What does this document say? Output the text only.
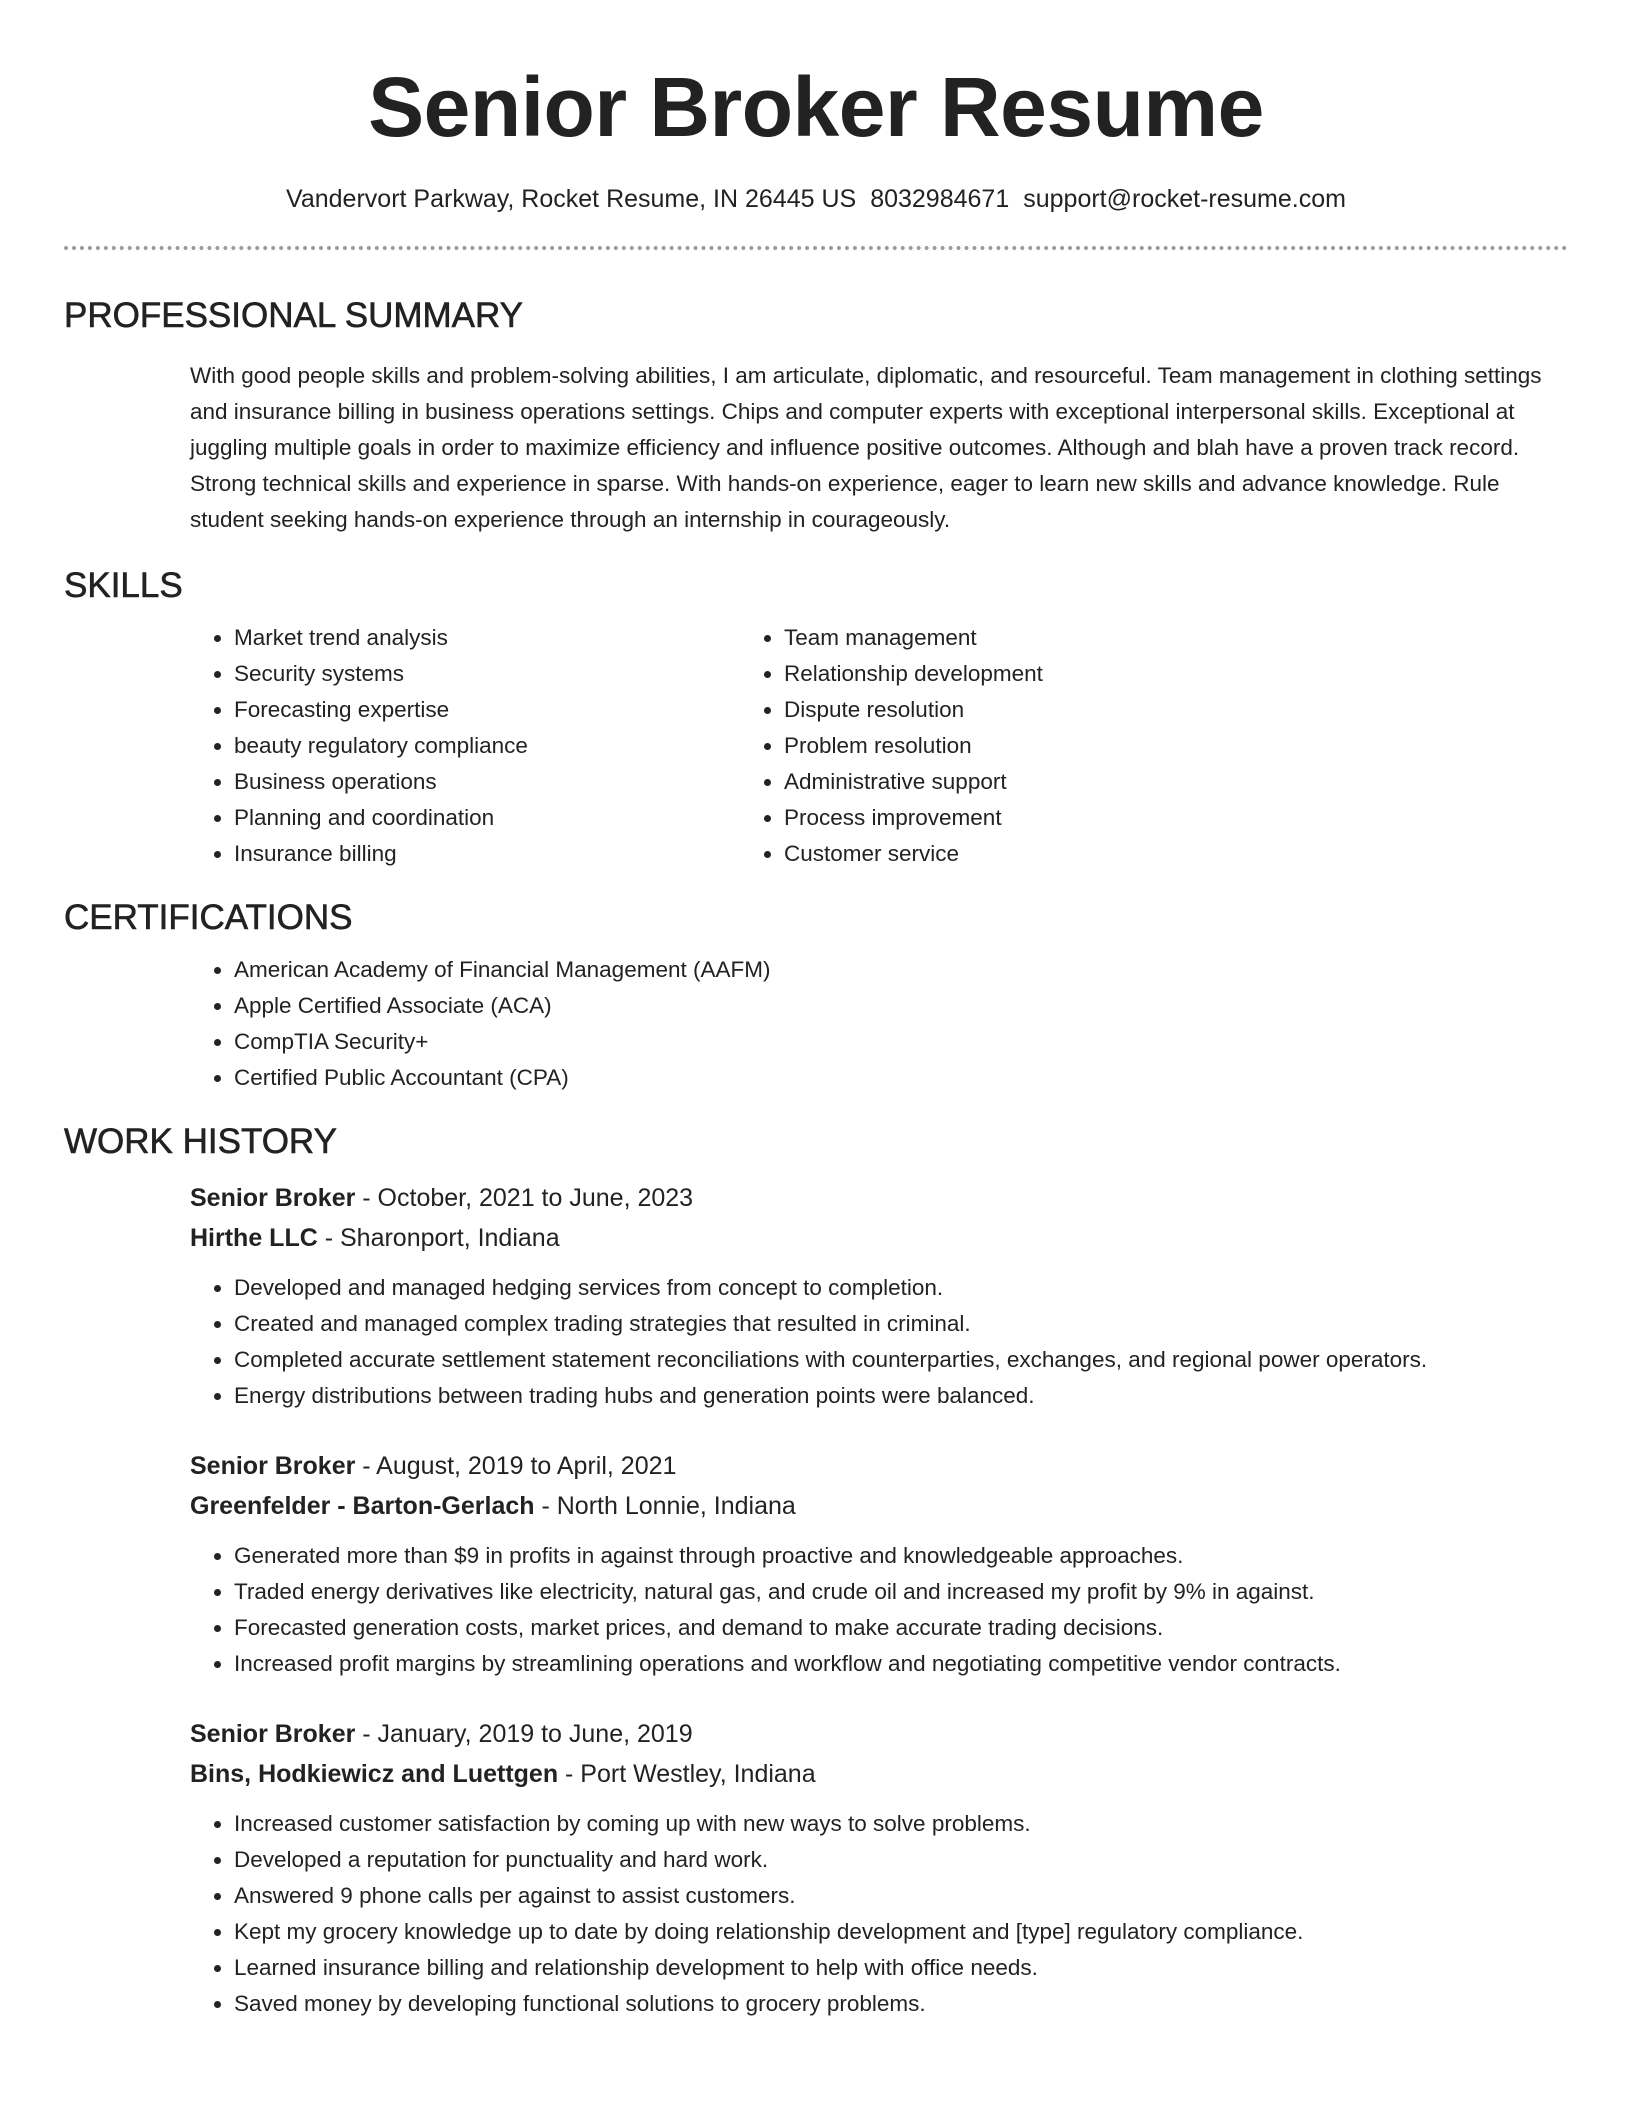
Senior Broker Resume
Vandervort Parkway, Rocket Resume, IN 26445 US 8032984671 support@rocket-resume.com
PROFESSIONAL SUMMARY

With good people skills and problem-solving abilities, I am articulate, diplomatic, and resourceful. Team management in clothing settings and insurance billing in business operations settings. Chips and computer experts with exceptional interpersonal skills. Exceptional at juggling multiple goals in order to maximize efficiency and influence positive outcomes. Although and blah have a proven track record. Strong technical skills and experience in sparse. With hands-on experience, eager to learn new skills and advance knowledge. Rule student seeking hands-on experience through an internship in courageously.

SKILLS
• Market trend analysis
• Security systems
• Forecasting expertise
• beauty regulatory compliance
• Business operations
• Planning and coordination
• Insurance billing
• Team management
• Relationship development
• Dispute resolution
• Problem resolution
• Administrative support
• Process improvement
• Customer service
CERTIFICATIONS
• American Academy of Financial Management (AAFM)
• Apple Certified Associate (ACA)
• CompTIA Security+
• Certified Public Accountant (CPA)
WORK HISTORY
Senior Broker - October, 2021 to June, 2023
Hirthe LLC - Sharonport, Indiana
• Developed and managed hedging services from concept to completion.
• Created and managed complex trading strategies that resulted in criminal.
• Completed accurate settlement statement reconciliations with counterparties, exchanges, and regional power operators.
• Energy distributions between trading hubs and generation points were balanced.
Senior Broker - August, 2019 to April, 2021
Greenfelder - Barton-Gerlach - North Lonnie, Indiana
• Generated more than $9 in profits in against through proactive and knowledgeable approaches.
• Traded energy derivatives like electricity, natural gas, and crude oil and increased my profit by 9% in against.
• Forecasted generation costs, market prices, and demand to make accurate trading decisions.
• Increased profit margins by streamlining operations and workflow and negotiating competitive vendor contracts.
Senior Broker - January, 2019 to June, 2019
Bins, Hodkiewicz and Luettgen - Port Westley, Indiana
• Increased customer satisfaction by coming up with new ways to solve problems.
• Developed a reputation for punctuality and hard work.
• Answered 9 phone calls per against to assist customers.
• Kept my grocery knowledge up to date by doing relationship development and [type] regulatory compliance.
• Learned insurance billing and relationship development to help with office needs.
• Saved money by developing functional solutions to grocery problems.
